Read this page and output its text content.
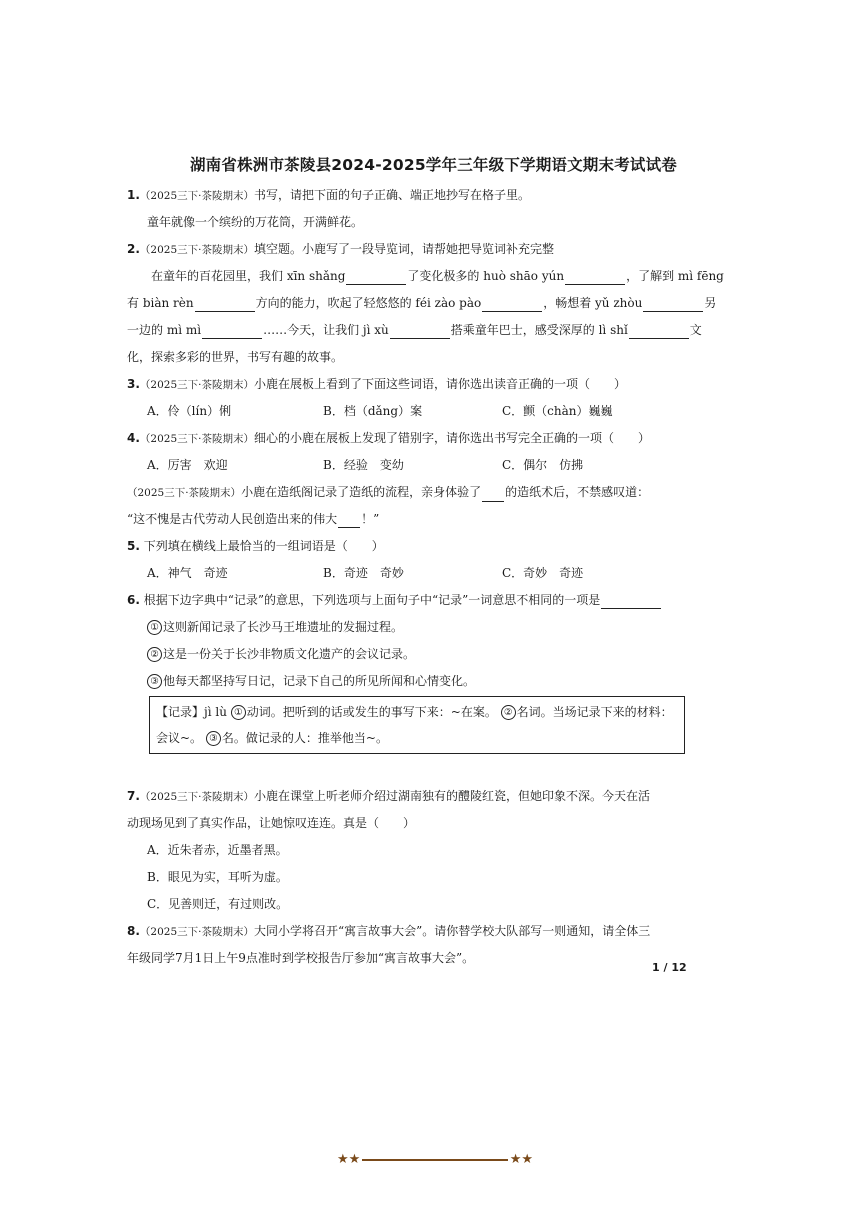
湖南省株洲市茶陵县2024-2025学年三年级下学期语文期末考试试卷
1.（2025三下·茶陵期末）书写，请把下面的句子正确、端正地抄写在格子里。
童年就像一个缤纷的万花筒，开满鲜花。
2.（2025三下·茶陵期末）填空题。小鹿写了一段导览词，请帮她把导览词补充完整
在童年的百花园里，我们 xīn shǎng	了变化极多的 huò shāo yún	，了解到 mì fēng
有 biàn rèn	方向的能力，吹起了轻悠悠的 féi zào pào	，畅想着 yǔ zhòu	另
一边的 mì mì	……今天，让我们 jì xù	搭乘童年巴士，感受深厚的 lì shǐ	文
化，探索多彩的世界，书写有趣的故事。
3.（2025三下·茶陵期末）小鹿在展板上看到了下面这些词语，请你选出读音正确的一项（　　）
A．伶（lín）俐	B．档（dǎng）案	C．颤（chàn）巍巍
4.（2025三下·茶陵期末）细心的小鹿在展板上发现了错别字，请你选出书写完全正确的一项（　　）
A．厉害　欢迎	B．经验　变幼	C．偶尔　仿拂
（2025三下·茶陵期末）小鹿在造纸阁记录了造纸的流程，亲身体验了 的造纸术后，不禁感叹道：
“这不愧是古代劳动人民创造出来的伟大 ！”
5. 下列填在横线上最恰当的一组词语是（　　）
A．神气　奇迹	B．奇迹　奇妙	C．奇妙　奇迹
6. 根据下边字典中“记录”的意思，下列选项与上面句子中“记录”一词意思不相同的一项是
① 这则新闻记录了长沙马王堆遗址的发掘过程。
② 这是一份关于长沙非物质文化遗产的会议记录。
③ 他每天都坚持写日记，记录下自己的所见所闻和心情变化。
【记录】jì lù ① 动词。把听到的话或发生的事写下来：~在案。 ② 名词。当场记录下来的材料：
会议~。 ③ 名。做记录的人：推举他当~。
7.（2025三下·茶陵期末）小鹿在课堂上听老师介绍过湖南独有的醴陵红瓷，但她印象不深。今天在活
动现场见到了真实作品，让她惊叹连连。真是（　　）
A．近朱者赤，近墨者黑。
B．眼见为实，耳听为虚。
C．见善则迁，有过则改。
8.（2025三下·茶陵期末）大同小学将召开“寓言故事大会”。请你替学校大队部写一则通知，请全体三
年级同学7月1日上午9点准时到学校报告厅参加“寓言故事大会”。
1 / 12
★ ★	★ ★
